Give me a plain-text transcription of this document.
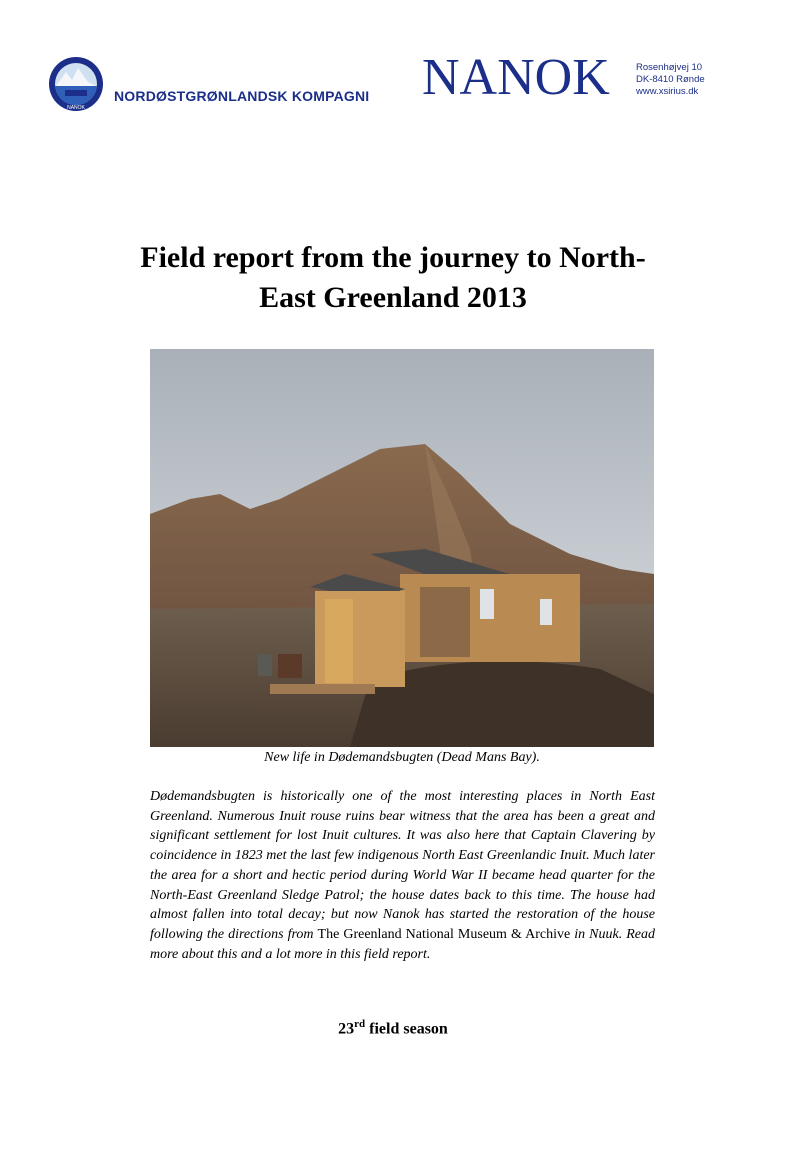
NANOK
NORDØSTGRØNLANDSK KOMPAGNI NANOK	Rosenhøjvej 10
DK-8410 Rønde
www.xsirius.dk
Field report from the journey to North-
East Greenland 2013
New life in Dødemandsbugten (Dead Mans Bay).

Dødemandsbugten is historically one of the most interesting places in North East Greenland. Numerous Inuit rouse ruins bear witness that the area has been a great and significant settlement for lost Inuit cultures. It was also here that Captain Clavering by coincidence in 1823 met the last few indigenous North East Greenlandic Inuit. Much later the area for a short and hectic period during World War II became head quarter for the North-East Greenland Sledge Patrol; the house dates back to this time. The house had almost fallen into total decay; but now Nanok has started the restoration of the house following the directions from The Greenland National Museum & Archive in Nuuk. Read more about this and a lot more in this field report.

23rd field season
